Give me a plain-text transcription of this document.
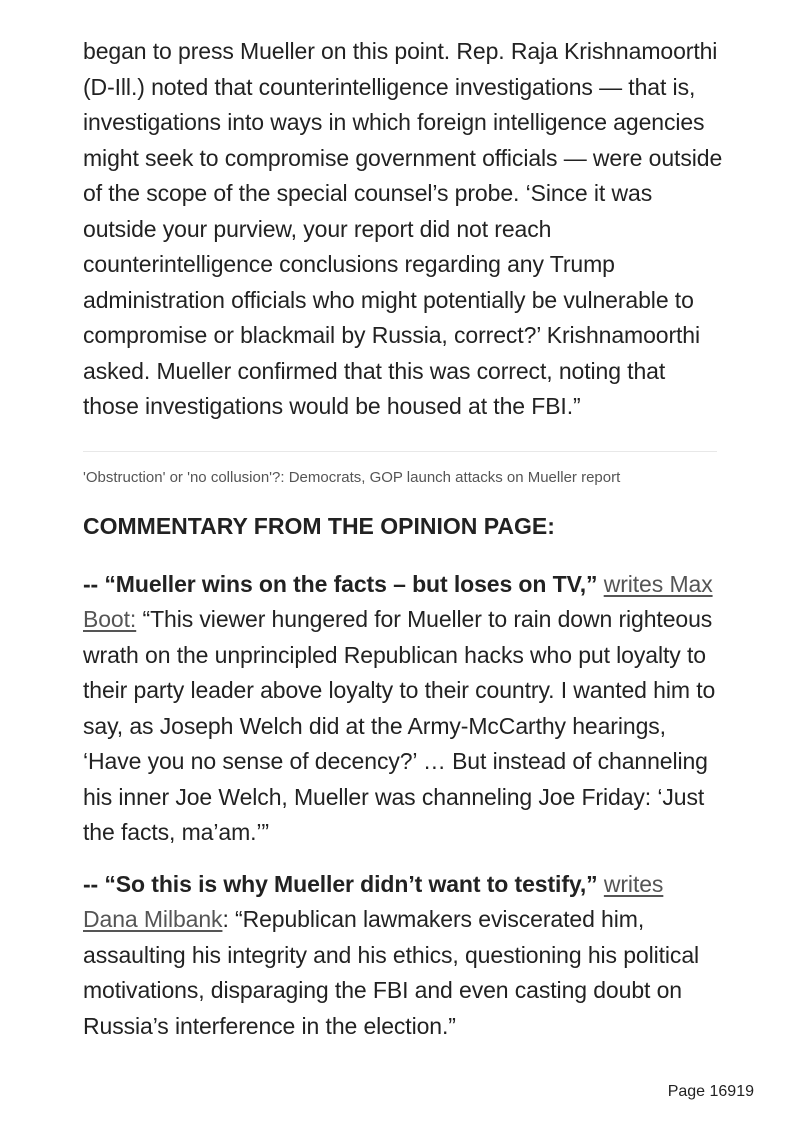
began to press Mueller on this point. Rep. Raja Krishnamoorthi (D-Ill.) noted that counterintelligence investigations — that is, investigations into ways in which foreign intelligence agencies might seek to compromise government officials — were outside of the scope of the special counsel’s probe. ‘Since it was outside your purview, your report did not reach counterintelligence conclusions regarding any Trump administration officials who might potentially be vulnerable to compromise or blackmail by Russia, correct?’ Krishnamoorthi asked. Mueller confirmed that this was correct, noting that those investigations would be housed at the FBI.”

'Obstruction' or 'no collusion'?: Democrats, GOP launch attacks on Mueller report

COMMENTARY FROM THE OPINION PAGE:

-- “Mueller wins on the facts – but loses on TV,” writes Max Boot: “This viewer hungered for Mueller to rain down righteous wrath on the unprincipled Republican hacks who put loyalty to their party leader above loyalty to their country. I wanted him to say, as Joseph Welch did at the Army-McCarthy hearings, ‘Have you no sense of decency?’ … But instead of channeling his inner Joe Welch, Mueller was channeling Joe Friday: ‘Just the facts, ma’am.’”

-- “So this is why Mueller didn’t want to testify,” writes Dana Milbank: “Republican lawmakers eviscerated him, assaulting his integrity and his ethics, questioning his political motivations, disparaging the FBI and even casting doubt on Russia’s interference in the election.”

Page 16919
